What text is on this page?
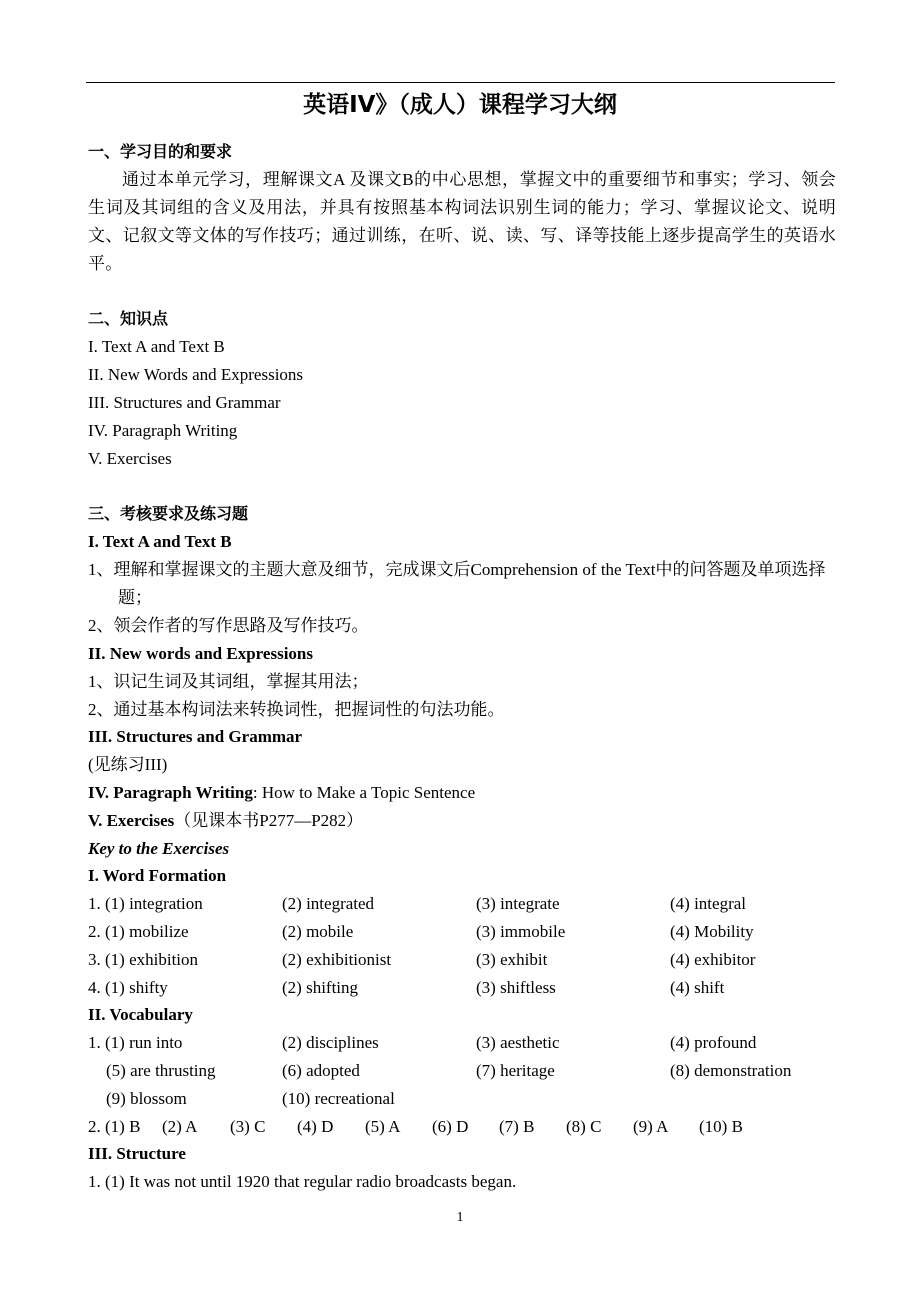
英语IV》（成人）课程学习大纲
一、学习目的和要求
通过本单元学习，理解课文A 及课文B的中心思想，掌握文中的重要细节和事实；学习、领会生词及其词组的含义及用法，并具有按照基本构词法识别生词的能力；学习、掌握议论文、说明文、记叙文等文体的写作技巧；通过训练，在听、说、读、写、译等技能上逐步提高学生的英语水平。
二、知识点
I. Text A and Text B
II. New Words and Expressions
III. Structures and Grammar
IV. Paragraph Writing
V. Exercises
三、考核要求及练习题
I. Text A and Text B
1、理解和掌握课文的主题大意及细节，完成课文后Comprehension of the Text中的问答题及单项选择题；
2、领会作者的写作思路及写作技巧。
II. New words and Expressions
1、识记生词及其词组，掌握其用法；
2、通过基本构词法来转换词性，把握词性的句法功能。
III. Structures and Grammar
(见练习III)
IV. Paragraph Writing: How to Make a Topic Sentence
V. Exercises（见课本书P277—P282）
Key to the Exercises
I. Word Formation
1. (1) integration	(2) integrated	(3) integrate	(4) integral
2. (1) mobilize	(2) mobile	(3) immobile	(4) Mobility
3. (1) exhibition	(2) exhibitionist	(3) exhibit	(4) exhibitor
4. (1) shifty	(2) shifting	(3) shiftless	(4) shift
II. Vocabulary
1. (1) run into	(2) disciplines	(3) aesthetic	(4) profound
(5) are thrusting	(6) adopted	(7) heritage	(8) demonstration
(9) blossom	(10) recreational
2. (1) B (2) A (3) C (4) D (5) A (6) D (7) B (8) C (9) A (10) B
III. Structure
1. (1) It was not until 1920 that regular radio broadcasts began.
1
